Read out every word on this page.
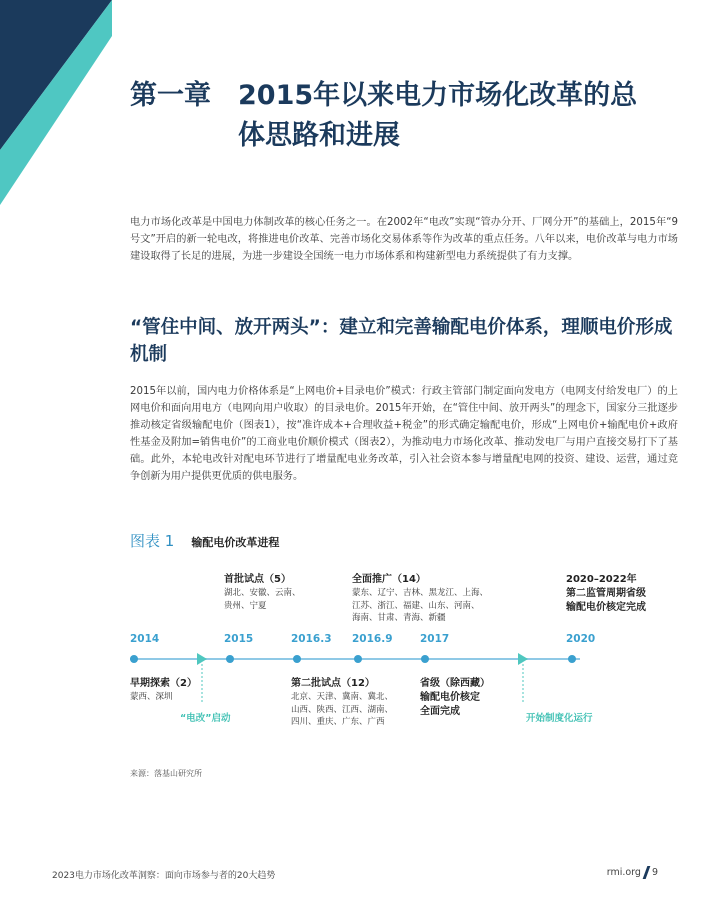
第一章 2015年以来电力市场化改革的总
体思路和进展

电力市场化改革是中国电力体制改革的核心任务之一。在2002年“电改”实现“管办分开、厂网分开”的基础上，2015年“9号文”开启的新一轮电改，将推进电价改革、完善市场化交易体系等作为改革的重点任务。八年以来，电价改革与电力市场建设取得了长足的进展，为进一步建设全国统一电力市场体系和构建新型电力系统提供了有力支撑。

“管住中间、放开两头”：建立和完善输配电价体系，理顺电价形成机制

2015年以前，国内电力价格体系是“上网电价+目录电价”模式：行政主管部门制定面向发电方（电网支付给发电厂）的上网电价和面向用电方（电网向用户收取）的目录电价。2015年开始，在“管住中间、放开两头”的理念下，国家分三批逐步推动核定省级输配电价（图表1），按“准许成本+合理收益+税金”的形式确定输配电价，形成“上网电价+输配电价+政府性基金及附加=销售电价”的工商业电价顺价模式（图表2），为推动电力市场化改革、推动发电厂与用户直接交易打下了基础。此外，本轮电改针对配电环节进行了增量配电业务改革，引入社会资本参与增量配电网的投资、建设、运营，通过竞争创新为用户提供更优质的供电服务。

图表 1 输配电价改革进程
2014	2015	2016.3 2016.9	2017	2020
首批试点（5）
湖北、安徽、云南、
贵州、宁夏
全面推广（14）
蒙东、辽宁、吉林、黑龙江、上海、
江苏、浙江、福建、山东、河南、
海南、甘肃、青海、新疆
2020–2022年
第二监管周期省级
输配电价核定完成
早期探索（2）
蒙西、深圳
第二批试点（12）
北京、天津、冀南、冀北、
山西、陕西、江西、湖南、
四川、重庆、广东、广西
省级（除西藏）
输配电价核定
全面完成
“电改”启动	开始制度化运行
来源：落基山研究所
2023电力市场化改革洞察：面向市场参与者的20大趋势	rmi.org 9
